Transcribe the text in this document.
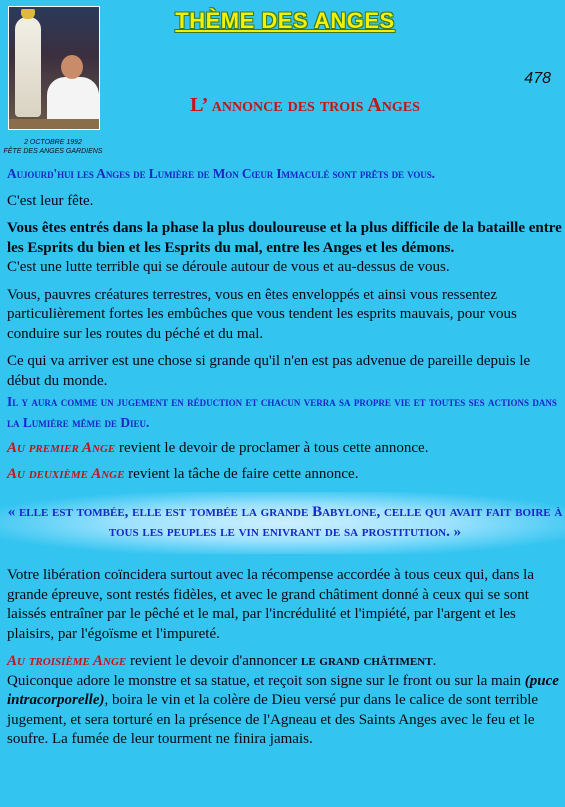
2 OCTOBRE 1992
FÊTE DES ANGES GARDIENS
THÈME DES ANGES
478
L’ annonce des trois Anges

Aujourd'hui les Anges de Lumière de Mon Cœur Immaculé sont prêts de vous.

C'est leur fête.

Vous êtes entrés dans la phase la plus douloureuse et la plus difficile de la bataille entre les Esprits du bien et les Esprits du mal, entre les Anges et les démons.
C'est une lutte terrible qui se déroule autour de vous et au-dessus de vous.

Vous, pauvres créatures terrestres, vous en êtes enveloppés et ainsi vous ressentez particulièrement fortes les embûches que vous tendent les esprits mauvais, pour vous conduire sur les routes du péché et du mal.

Ce qui va arriver est une chose si grande qu'il n'en est pas advenue de pareille depuis le début du monde.

Il y aura comme un jugement en réduction et chacun verra sa propre vie et toutes ses actions dans la Lumière même de Dieu.

Au premier Ange revient le devoir de proclamer à tous cette annonce.

Au deuxième Ange revient la tâche de faire cette annonce.

« elle est tombée, elle est tombée la grande Babylone, celle qui avait fait boire à tous les peuples le vin enivrant de sa prostitution. »

Votre libération coïncidera surtout avec la récompense accordée à tous ceux qui, dans la grande épreuve, sont restés fidèles, et avec le grand châtiment donné à ceux qui se sont laissés entraîner par le pêché et le mal, par l'incrédulité et l'impiété, par l'argent et les plaisirs, par l'égoïsme et l'impureté.

Au troisième Ange revient le devoir d'annoncer le grand châtiment.
Quiconque adore le monstre et sa statue, et reçoit son signe sur le front ou sur la main (puce intracorporelle), boira le vin et la colère de Dieu versé pur dans le calice de sont terrible jugement, et sera torturé en la présence de l'Agneau et des Saints Anges avec le feu et le soufre. La fumée de leur tourment ne finira jamais.
